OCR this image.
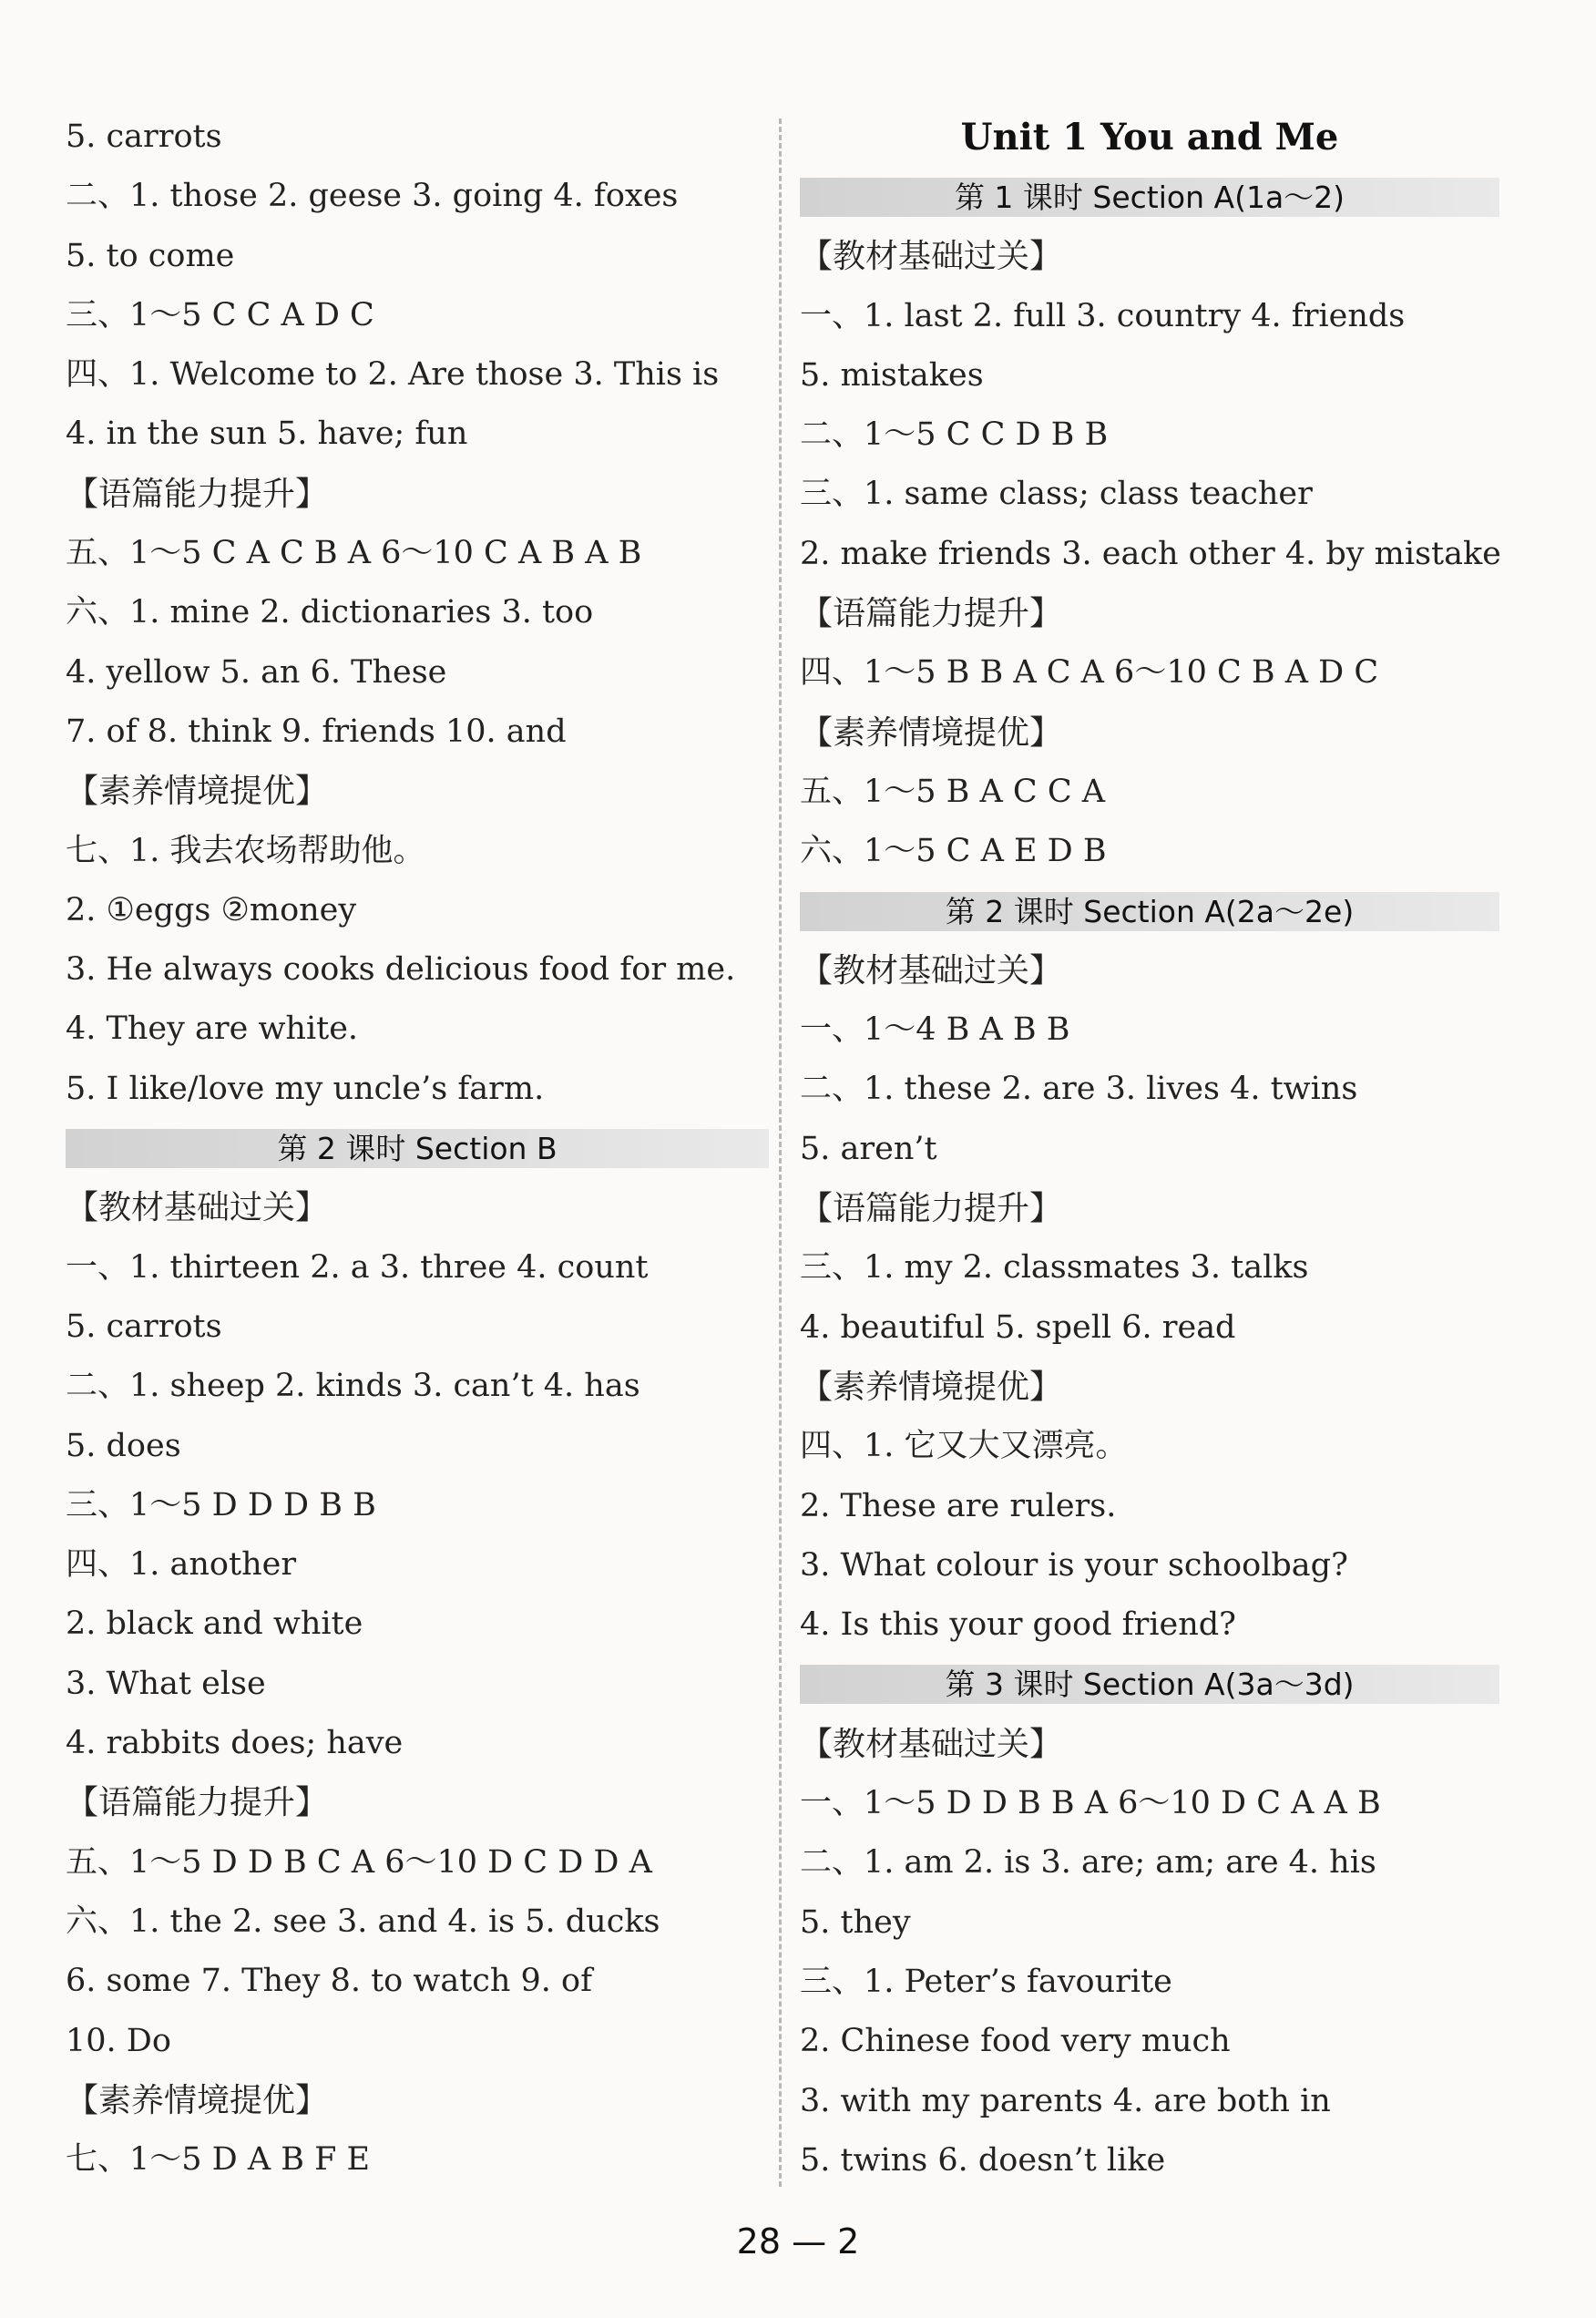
5. carrots
二、1. those 2. geese 3. going 4. foxes
5. to come
三、1～5 C C A D C
四、1. Welcome to 2. Are those 3. This is
4. in the sun 5. have; fun
【语篇能力提升】
五、1～5 C A C B A 6～10 C A B A B
六、1. mine 2. dictionaries 3. too
4. yellow 5. an 6. These
7. of 8. think 9. friends 10. and
【素养情境提优】
七、1. 我去农场帮助他。
2. ①eggs ②money
3. He always cooks delicious food for me.
4. They are white.
5. I like/love my uncle’s farm.
第 2 课时 Section B
【教材基础过关】
一、1. thirteen 2. a 3. three 4. count
5. carrots
二、1. sheep 2. kinds 3. can’t 4. has
5. does
三、1～5 D D D B B
四、1. another
2. black and white
3. What else
4. rabbits does; have
【语篇能力提升】
五、1～5 D D B C A 6～10 D C D D A
六、1. the 2. see 3. and 4. is 5. ducks
6. some 7. They 8. to watch 9. of
10. Do
【素养情境提优】
七、1～5 D A B F E
Unit 1 You and Me
第 1 课时 Section A(1a～2)
【教材基础过关】
一、1. last 2. full 3. country 4. friends
5. mistakes
二、1～5 C C D B B
三、1. same class; class teacher
2. make friends 3. each other 4. by mistake
【语篇能力提升】
四、1～5 B B A C A 6～10 C B A D C
【素养情境提优】
五、1～5 B A C C A
六、1～5 C A E D B
第 2 课时 Section A(2a～2e)
【教材基础过关】
一、1～4 B A B B
二、1. these 2. are 3. lives 4. twins
5. aren’t
【语篇能力提升】
三、1. my 2. classmates 3. talks
4. beautiful 5. spell 6. read
【素养情境提优】
四、1. 它又大又漂亮。
2. These are rulers.
3. What colour is your schoolbag?
4. Is this your good friend?
第 3 课时 Section A(3a～3d)
【教材基础过关】
一、1～5 D D B B A 6～10 D C A A B
二、1. am 2. is 3. are; am; are 4. his
5. they
三、1. Peter’s favourite
2. Chinese food very much
3. with my parents 4. are both in
5. twins 6. doesn’t like
28 — 2
